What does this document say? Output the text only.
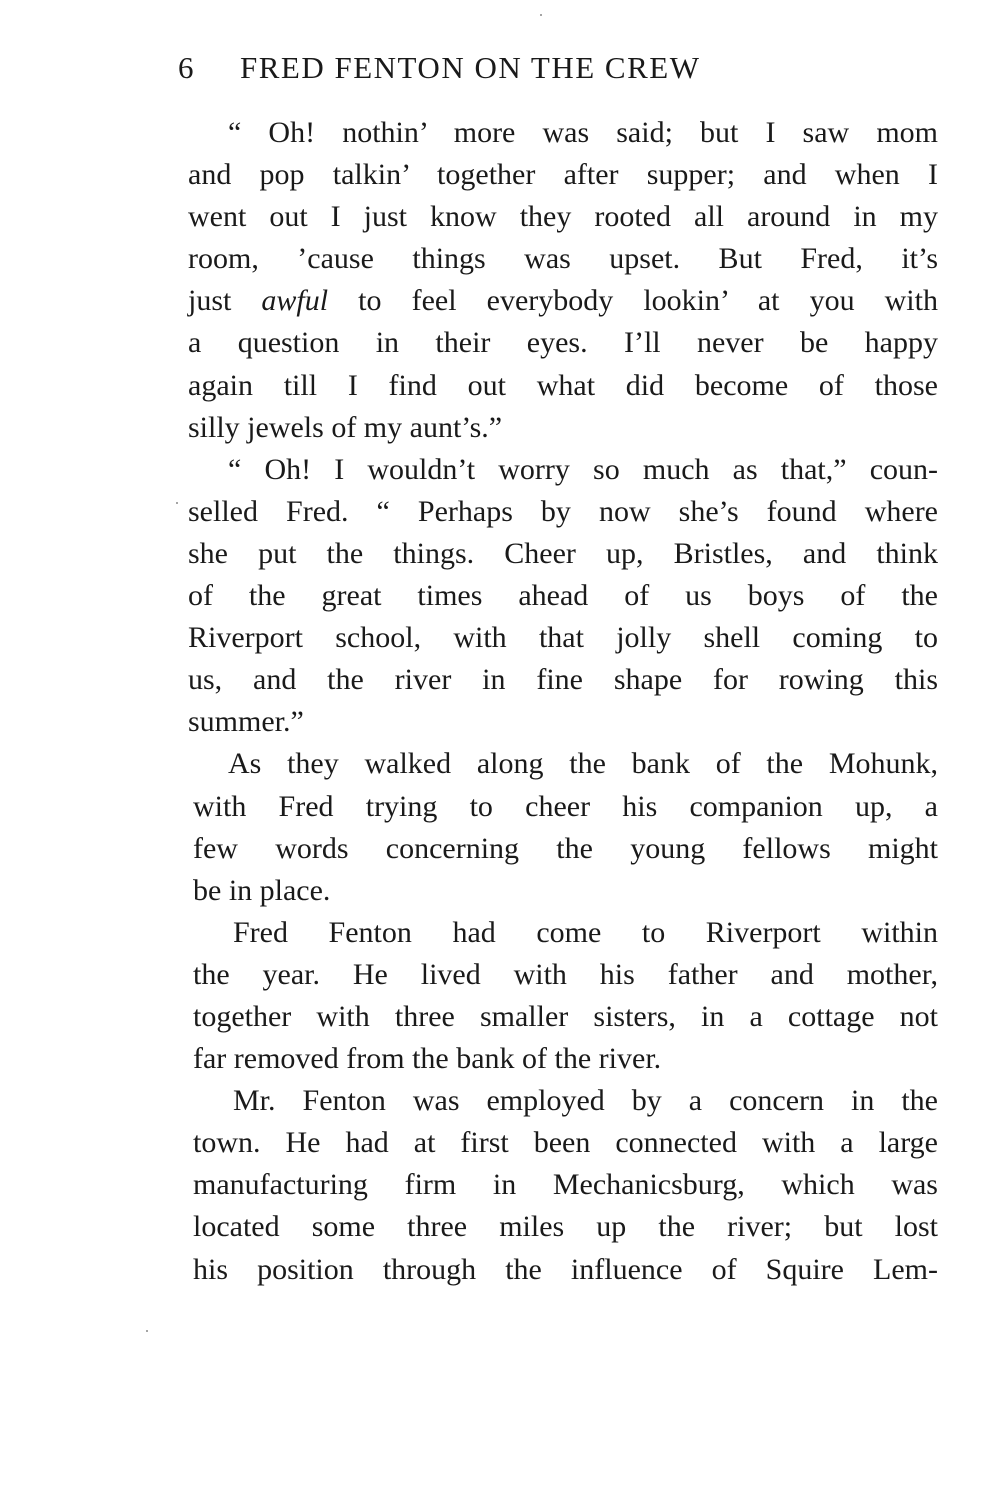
6 FRED FENTON ON THE CREW
“ Oh! nothin’ more was said; but I saw mom
and pop talkin’ together after supper; and when I
went out I just know they rooted all around in my
room, ’cause things was upset. But Fred, it’s
just awful to feel everybody lookin’ at you with
a question in their eyes. I’ll never be happy
again till I find out what did become of those
silly jewels of my aunt’s.”
“ Oh! I wouldn’t worry so much as that,” coun-
selled Fred. “ Perhaps by now she’s found where
she put the things. Cheer up, Bristles, and think
of the great times ahead of us boys of the
Riverport school, with that jolly shell coming to
us, and the river in fine shape for rowing this
summer.”
As they walked along the bank of the Mohunk,
with Fred trying to cheer his companion up, a
few words concerning the young fellows might
be in place.
Fred Fenton had come to Riverport within
the year. He lived with his father and mother,
together with three smaller sisters, in a cottage not
far removed from the bank of the river.
Mr. Fenton was employed by a concern in the
town. He had at first been connected with a large
manufacturing firm in Mechanicsburg, which was
located some three miles up the river; but lost
his position through the influence of Squire Lem-
